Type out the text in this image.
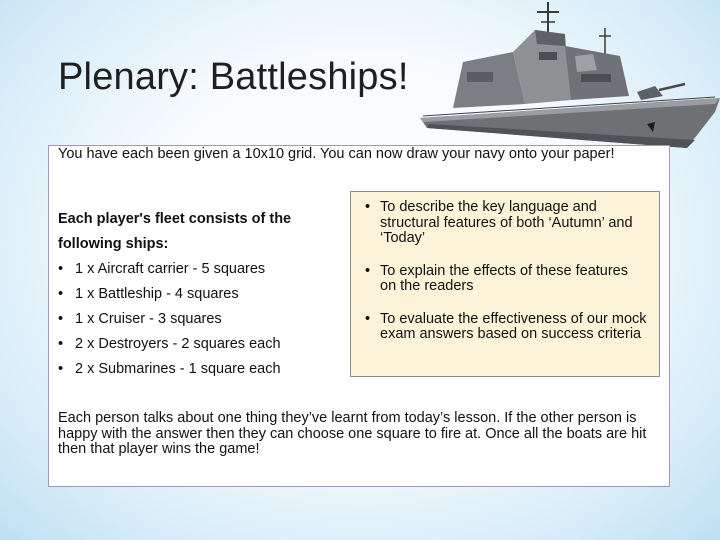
Plenary: Battleships!
You have each been given a 10x10 grid. You can now draw your navy onto your paper!
Each player's fleet consists of the following ships:
• 1 x Aircraft carrier - 5 squares
• 1 x Battleship - 4 squares
• 1 x Cruiser - 3 squares
• 2 x Destroyers - 2 squares each
• 2 x Submarines - 1 square each
• To describe the key language and structural features of both ‘Autumn’ and ‘Today’
• To explain the effects of these features on the readers
• To evaluate the effectiveness of our mock exam answers based on success criteria
Each person talks about one thing they’ve learnt from today’s lesson. If the other person is happy with the answer then they can choose one square to fire at. Once all the boats are hit then that player wins the game!
